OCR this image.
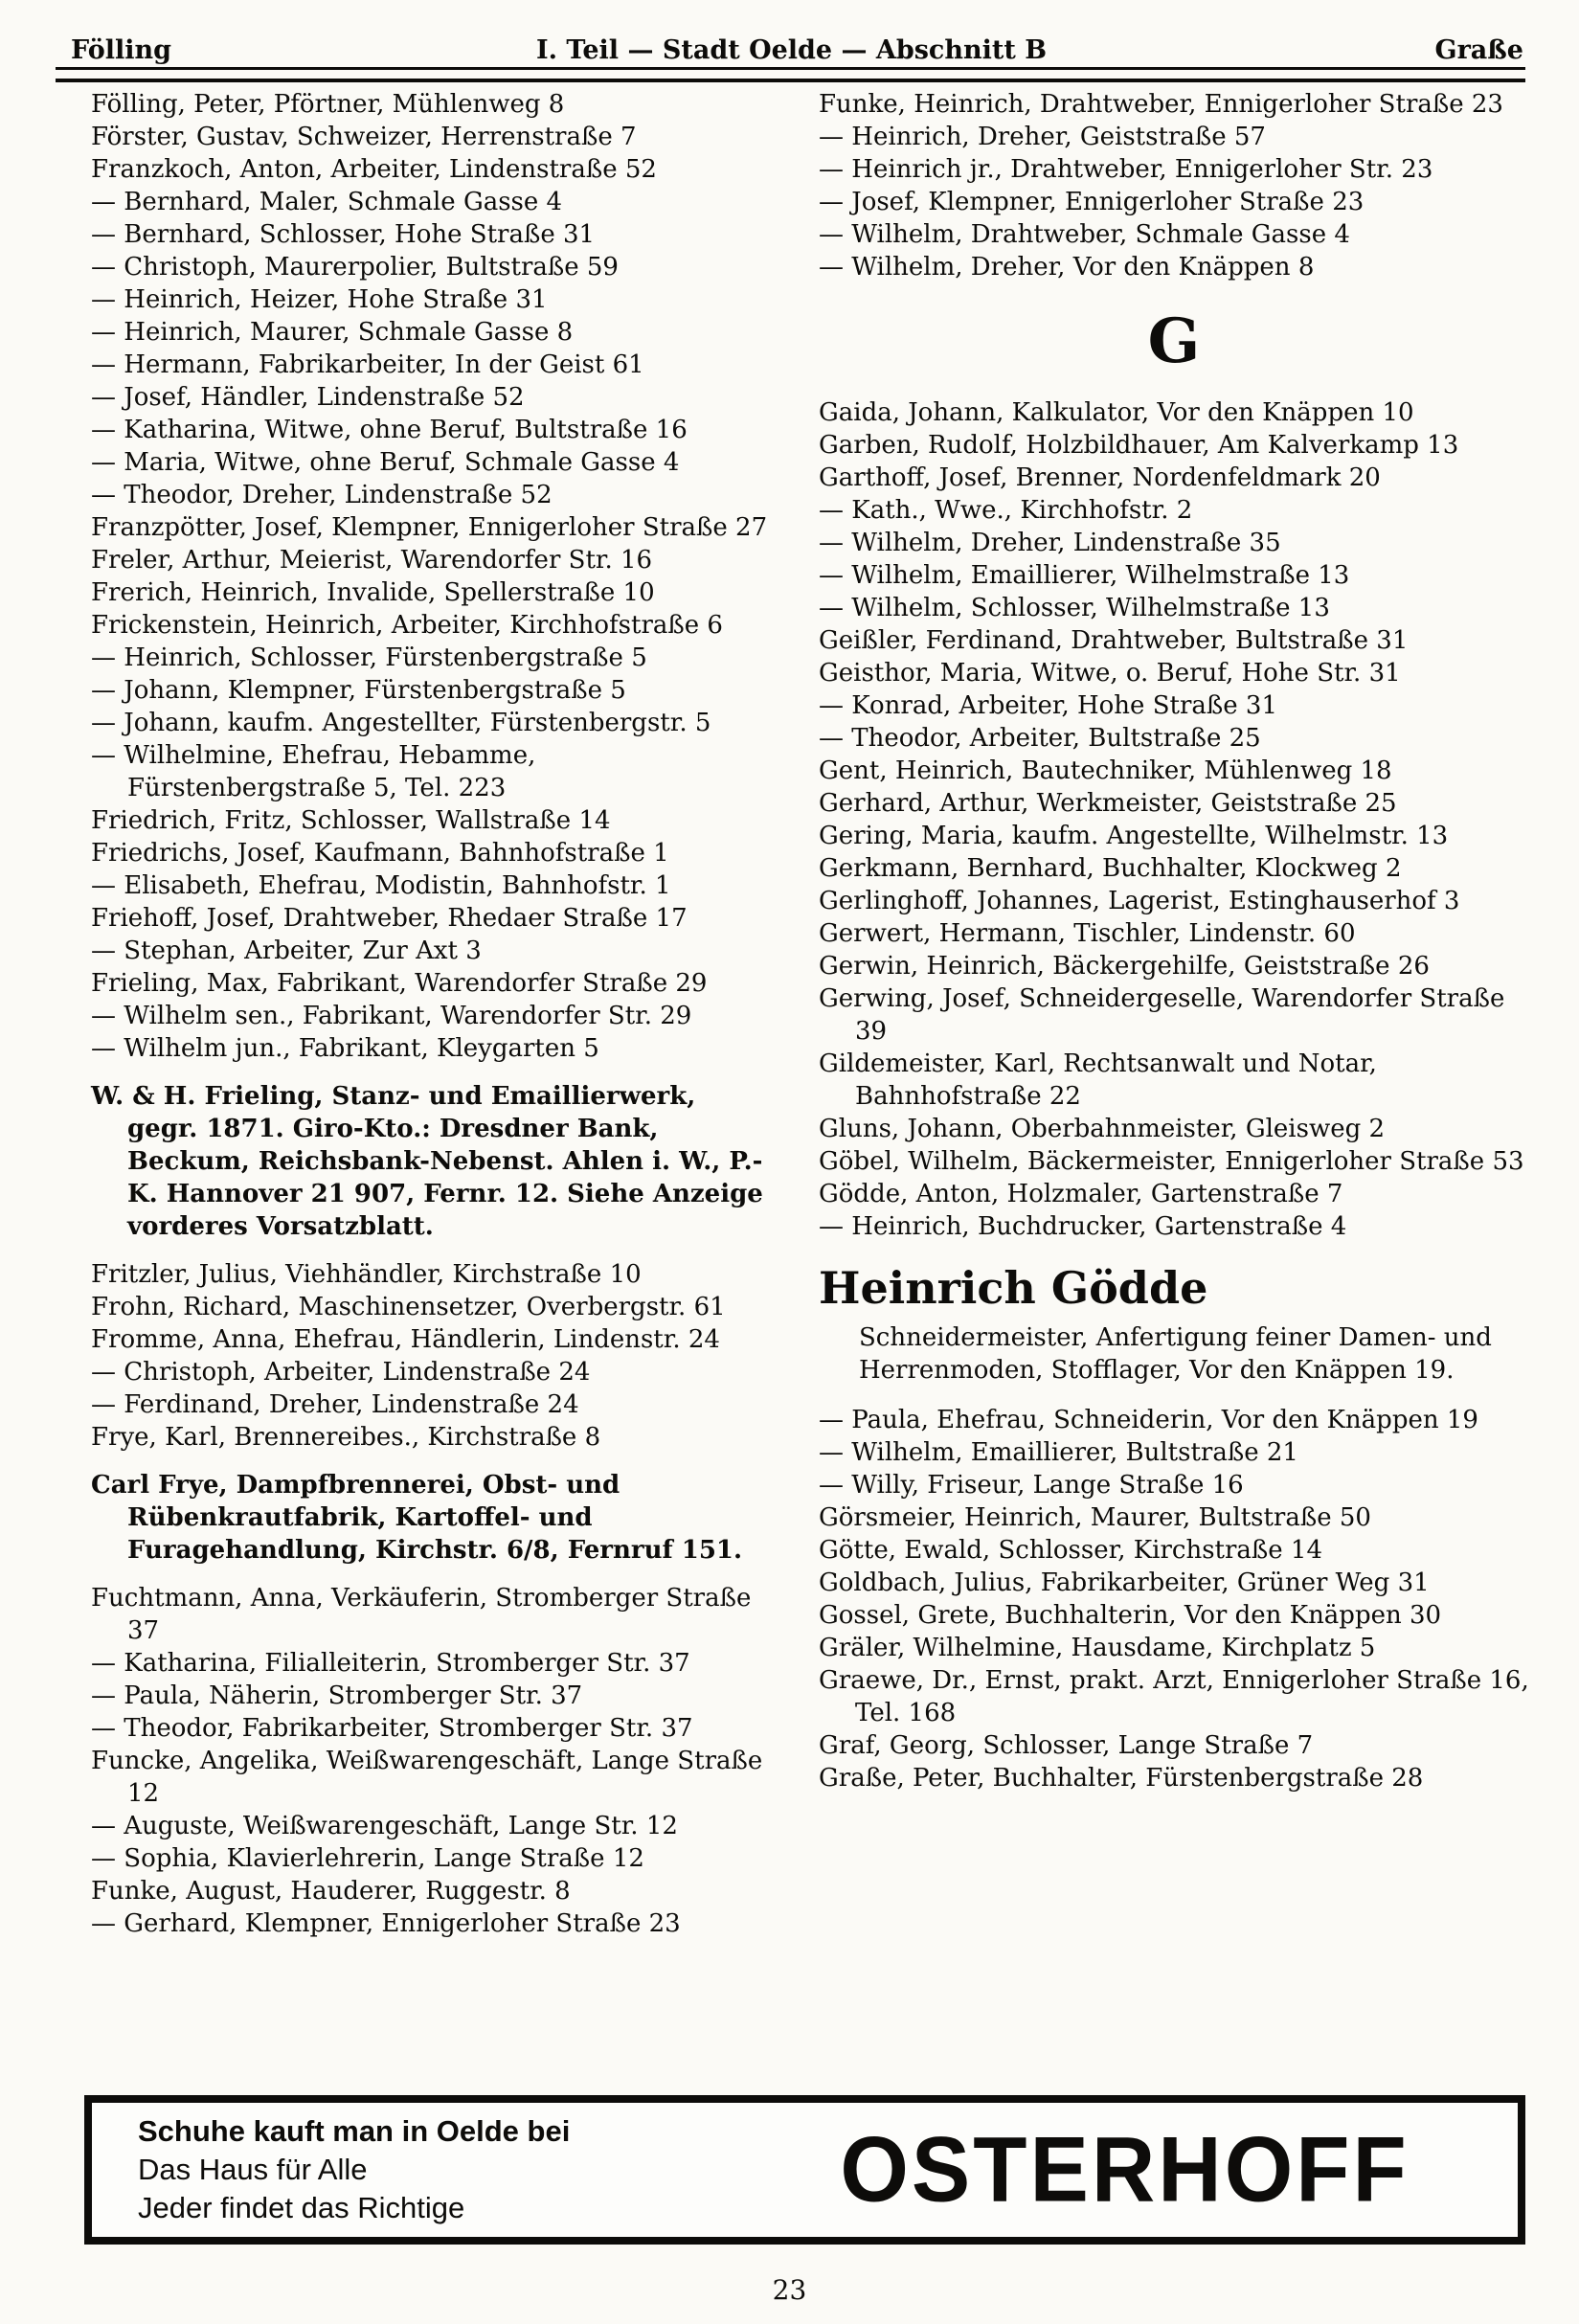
Fölling	I. Teil — Stadt Oelde — Abschnitt B	Graße
Fölling, Peter, Pförtner, Mühlenweg 8
Förster, Gustav, Schweizer, Herrenstraße 7
Franzkoch, Anton, Arbeiter, Lindenstraße 52
— Bernhard, Maler, Schmale Gasse 4
— Bernhard, Schlosser, Hohe Straße 31
— Christoph, Maurerpolier, Bultstraße 59
— Heinrich, Heizer, Hohe Straße 31
— Heinrich, Maurer, Schmale Gasse 8
— Hermann, Fabrikarbeiter, In der Geist 61
— Josef, Händler, Lindenstraße 52
— Katharina, Witwe, ohne Beruf, Bultstraße 16
— Maria, Witwe, ohne Beruf, Schmale Gasse 4
— Theodor, Dreher, Lindenstraße 52
Franzpötter, Josef, Klempner, Ennigerloher Straße 27
Freler, Arthur, Meierist, Warendorfer Str. 16
Frerich, Heinrich, Invalide, Spellerstraße 10
Frickenstein, Heinrich, Arbeiter, Kirchhofstraße 6
— Heinrich, Schlosser, Fürstenbergstraße 5
— Johann, Klempner, Fürstenbergstraße 5
— Johann, kaufm. Angestellter, Fürstenbergstr. 5
— Wilhelmine, Ehefrau, Hebamme, Fürstenbergstraße 5, Tel. 223
Friedrich, Fritz, Schlosser, Wallstraße 14
Friedrichs, Josef, Kaufmann, Bahnhofstraße 1
— Elisabeth, Ehefrau, Modistin, Bahnhofstr. 1
Friehoff, Josef, Drahtweber, Rhedaer Straße 17
— Stephan, Arbeiter, Zur Axt 3
Frieling, Max, Fabrikant, Warendorfer Straße 29
— Wilhelm sen., Fabrikant, Warendorfer Str. 29
— Wilhelm jun., Fabrikant, Kleygarten 5
W. & H. Frieling, Stanz- und Emaillierwerk, gegr. 1871. Giro-Kto.: Dresdner Bank, Beckum, Reichsbank-Nebenst. Ahlen i. W., P.-K. Hannover 21 907, Fernr. 12. Siehe Anzeige vorderes Vorsatzblatt.
Fritzler, Julius, Viehhändler, Kirchstraße 10
Frohn, Richard, Maschinensetzer, Overbergstr. 61
Fromme, Anna, Ehefrau, Händlerin, Lindenstr. 24
— Christoph, Arbeiter, Lindenstraße 24
— Ferdinand, Dreher, Lindenstraße 24
Frye, Karl, Brennereibes., Kirchstraße 8
Carl Frye, Dampfbrennerei, Obst- und Rübenkrautfabrik, Kartoffel- und Furagehandlung, Kirchstr. 6/8, Fernruf 151.
Fuchtmann, Anna, Verkäuferin, Stromberger Straße 37
— Katharina, Filialleiterin, Stromberger Str. 37
— Paula, Näherin, Stromberger Str. 37
— Theodor, Fabrikarbeiter, Stromberger Str. 37
Funcke, Angelika, Weißwarengeschäft, Lange Straße 12
— Auguste, Weißwarengeschäft, Lange Str. 12
— Sophia, Klavierlehrerin, Lange Straße 12
Funke, August, Hauderer, Ruggestr. 8
— Gerhard, Klempner, Ennigerloher Straße 23
Funke, Heinrich, Drahtweber, Ennigerloher Straße 23
— Heinrich, Dreher, Geiststraße 57
— Heinrich jr., Drahtweber, Ennigerloher Str. 23
— Josef, Klempner, Ennigerloher Straße 23
— Wilhelm, Drahtweber, Schmale Gasse 4
— Wilhelm, Dreher, Vor den Knäppen 8
G
Gaida, Johann, Kalkulator, Vor den Knäppen 10
Garben, Rudolf, Holzbildhauer, Am Kalverkamp 13
Garthoff, Josef, Brenner, Nordenfeldmark 20
— Kath., Wwe., Kirchhofstr. 2
— Wilhelm, Dreher, Lindenstraße 35
— Wilhelm, Emaillierer, Wilhelmstraße 13
— Wilhelm, Schlosser, Wilhelmstraße 13
Geißler, Ferdinand, Drahtweber, Bultstraße 31
Geisthor, Maria, Witwe, o. Beruf, Hohe Str. 31
— Konrad, Arbeiter, Hohe Straße 31
— Theodor, Arbeiter, Bultstraße 25
Gent, Heinrich, Bautechniker, Mühlenweg 18
Gerhard, Arthur, Werkmeister, Geiststraße 25
Gering, Maria, kaufm. Angestellte, Wilhelmstr. 13
Gerkmann, Bernhard, Buchhalter, Klockweg 2
Gerlinghoff, Johannes, Lagerist, Estinghauserhof 3
Gerwert, Hermann, Tischler, Lindenstr. 60
Gerwin, Heinrich, Bäckergehilfe, Geiststraße 26
Gerwing, Josef, Schneidergeselle, Warendorfer Straße 39
Gildemeister, Karl, Rechtsanwalt und Notar, Bahnhofstraße 22
Gluns, Johann, Oberbahnmeister, Gleisweg 2
Göbel, Wilhelm, Bäckermeister, Ennigerloher Straße 53
Gödde, Anton, Holzmaler, Gartenstraße 7
— Heinrich, Buchdrucker, Gartenstraße 4
Heinrich Gödde
Schneidermeister, Anfertigung feiner Damen- und Herrenmoden, Stofflager, Vor den Knäppen 19.
— Paula, Ehefrau, Schneiderin, Vor den Knäppen 19
— Wilhelm, Emaillierer, Bultstraße 21
— Willy, Friseur, Lange Straße 16
Görsmeier, Heinrich, Maurer, Bultstraße 50
Götte, Ewald, Schlosser, Kirchstraße 14
Goldbach, Julius, Fabrikarbeiter, Grüner Weg 31
Gossel, Grete, Buchhalterin, Vor den Knäppen 30
Gräler, Wilhelmine, Hausdame, Kirchplatz 5
Graewe, Dr., Ernst, prakt. Arzt, Ennigerloher Straße 16, Tel. 168
Graf, Georg, Schlosser, Lange Straße 7
Graße, Peter, Buchhalter, Fürstenbergstraße 28
Schuhe kauft man in Oelde bei
Das Haus für Alle
Jeder findet das Richtige	OSTERHOFF
23
